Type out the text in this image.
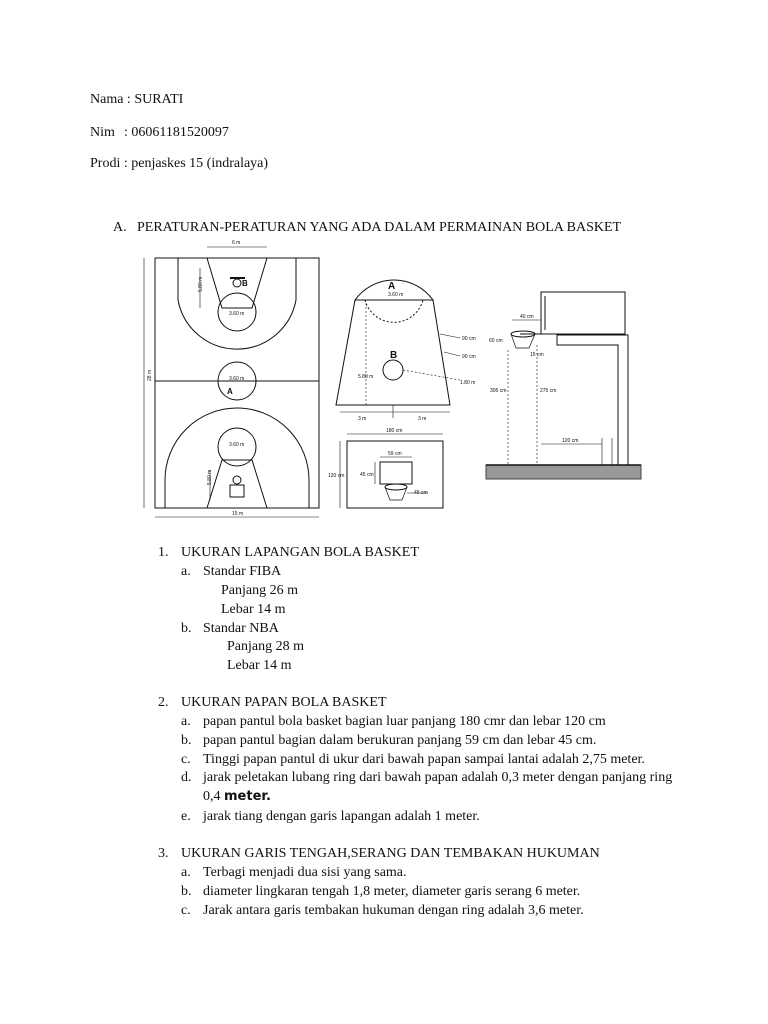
Nama : SURATI
Nim : 06061181520097
Prodi : penjaskes 15 (indralaya)
A. PERATURAN-PERATURAN YANG ADA DALAM PERMAINAN BOLA BASKET
6 m
5.80 m
3.60 m
3.60 m
3.60 m
28 m
15 m
5.80 m
5.80 m
90 cm
90 cm
1.80 m
3 m	3 m
3.60 m
180 cm
59 cm
120 cm	45 cm
45 cm
40 cm
60 cm
15 cm
305 cm	275 cm
120 cm
A
B	A
B
1. UKURAN LAPANGAN BOLA BASKET
a. Standar FIBA
Panjang 26 m
Lebar 14 m
b. Standar NBA
Panjang 28 m
Lebar 14 m
2. UKURAN PAPAN BOLA BASKET
a. papan pantul bola basket bagian luar panjang 180 cmr dan lebar 120 cm
b. papan pantul bagian dalam berukuran panjang 59 cm dan lebar 45 cm.
c. Tinggi papan pantul di ukur dari bawah papan sampai lantai adalah 2,75 meter.
d. jarak peletakan lubang ring dari bawah papan adalah 0,3 meter dengan panjang ring
0,4 meter.
e. jarak tiang dengan garis lapangan adalah 1 meter.
3. UKURAN GARIS TENGAH,SERANG DAN TEMBAKAN HUKUMAN
a. Terbagi menjadi dua sisi yang sama.
b. diameter lingkaran tengah 1,8 meter, diameter garis serang 6 meter.
c. Jarak antara garis tembakan hukuman dengan ring adalah 3,6 meter.
